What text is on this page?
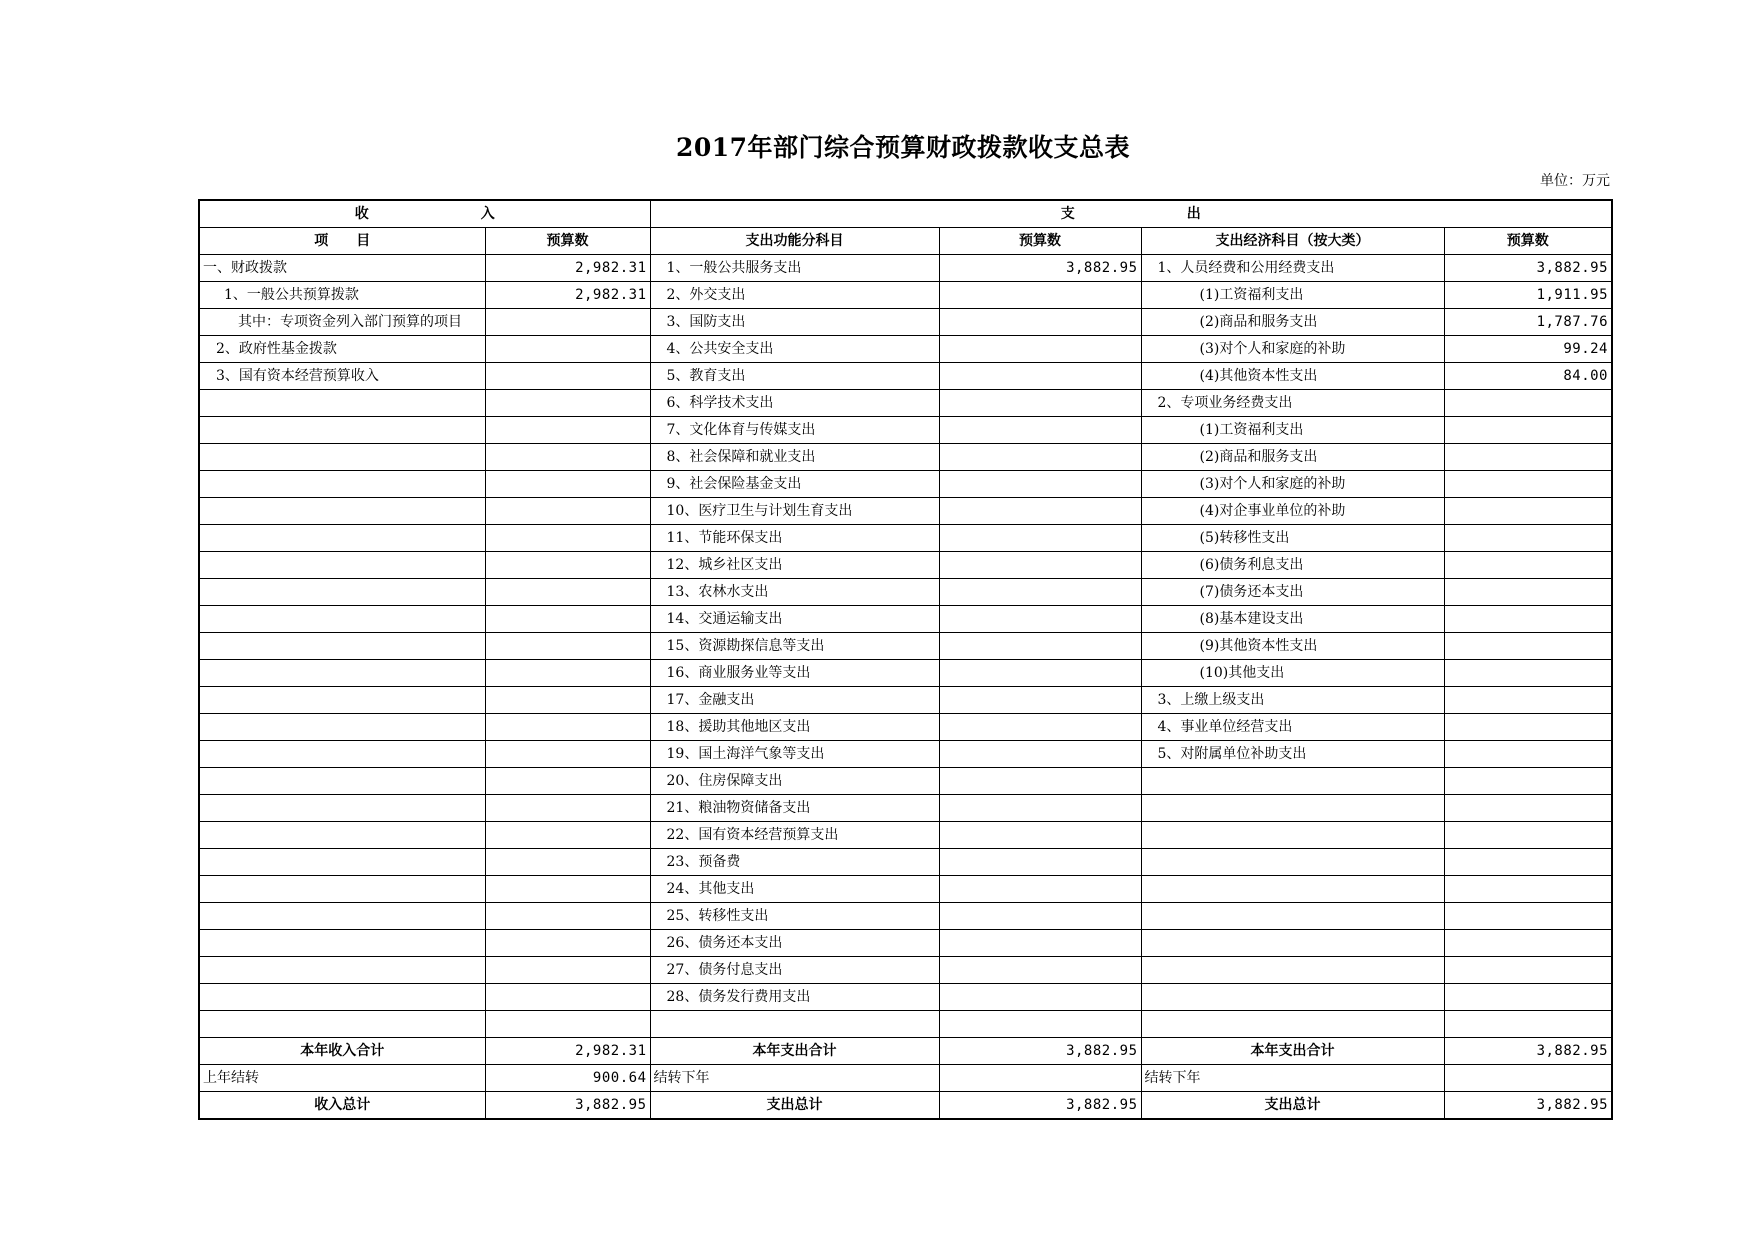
2017年部门综合预算财政拨款收支总表
单位：万元
收　　　　　　　　入		支　　　　　　　　出			
项　　目	预算数	支出功能分科目	预算数	支出经济科目（按大类）	预算数
一、财政拨款	2,982.31	1、一般公共服务支出	3,882.95	1、人员经费和公用经费支出	3,882.95
1、一般公共预算拨款	2,982.31	2、外交支出		(1)工资福利支出	1,911.95
其中：专项资金列入部门预算的项目		3、国防支出		(2)商品和服务支出	1,787.76
2、政府性基金拨款		4、公共安全支出		(3)对个人和家庭的补助	99.24
3、国有资本经营预算收入		5、教育支出		(4)其他资本性支出	84.00
		6、科学技术支出		2、专项业务经费支出	
		7、文化体育与传媒支出		(1)工资福利支出	
		8、社会保障和就业支出		(2)商品和服务支出	
		9、社会保险基金支出		(3)对个人和家庭的补助	
		10、医疗卫生与计划生育支出		(4)对企事业单位的补助	
		11、节能环保支出		(5)转移性支出	
		12、城乡社区支出		(6)债务利息支出	
		13、农林水支出		(7)债务还本支出	
		14、交通运输支出		(8)基本建设支出	
		15、资源勘探信息等支出		(9)其他资本性支出	
		16、商业服务业等支出		(10)其他支出	
		17、金融支出		3、上缴上级支出	
		18、援助其他地区支出		4、事业单位经营支出	
		19、国土海洋气象等支出		5、对附属单位补助支出	
		20、住房保障支出			
		21、粮油物资储备支出			
		22、国有资本经营预算支出			
		23、预备费			
		24、其他支出			
		25、转移性支出			
		26、债务还本支出			
		27、债务付息支出			
		28、债务发行费用支出			

本年收入合计	2,982.31	本年支出合计	3,882.95	本年支出合计	3,882.95
上年结转	900.64	结转下年		结转下年	
收入总计	3,882.95	支出总计	3,882.95	支出总计	3,882.95
